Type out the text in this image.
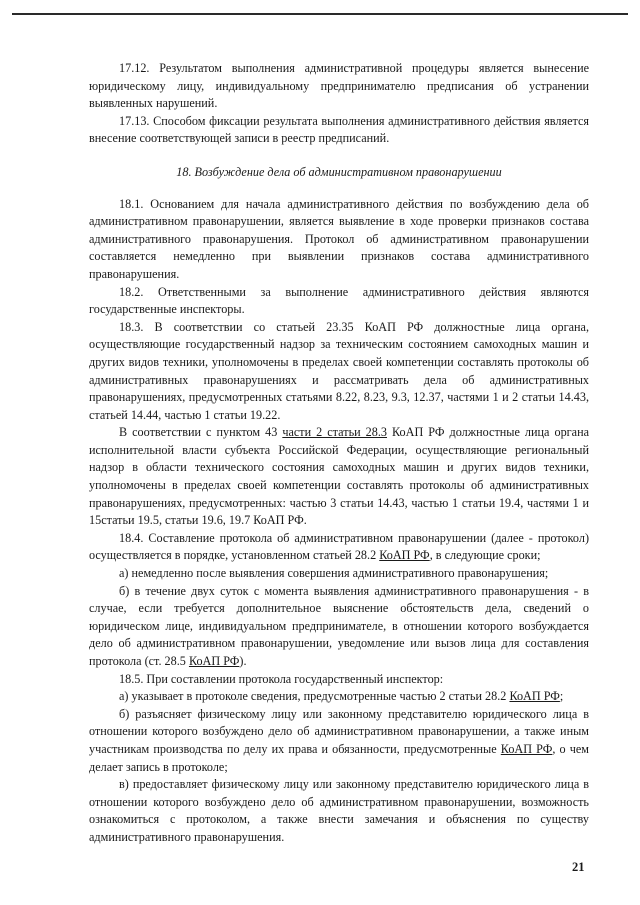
17.12. Результатом выполнения административной процедуры является вынесение юридическому лицу, индивидуальному предпринимателю предписания об устранении выявленных нарушений.

17.13. Способом фиксации результата выполнения административного действия является внесение соответствующей записи в реестр предписаний.

18. Возбуждение дела об административном правонарушении

18.1. Основанием для начала административного действия по возбуждению дела об административном правонарушении, является выявление в ходе проверки признаков состава административного правонарушения. Протокол об административном правонарушении составляется немедленно при выявлении признаков состава административного правонарушения.

18.2. Ответственными за выполнение административного действия являются государственные инспекторы.

18.3. В соответствии со статьей 23.35 КоАП РФ должностные лица органа, осуществляющие государственный надзор за техническим состоянием самоходных машин и других видов техники, уполномочены в пределах своей компетенции составлять протоколы об административных правонарушениях и рассматривать дела об административных правонарушениях, предусмотренных статьями 8.22, 8.23, 9.3, 12.37, частями 1 и 2 статьи 14.43, статьей 14.44, частью 1 статьи 19.22.

В соответствии с пунктом 43 части 2 статьи 28.3 КоАП РФ должностные лица органа исполнительной власти субъекта Российской Федерации, осуществляющие региональный надзор в области технического состояния самоходных машин и других видов техники, уполномочены в пределах своей компетенции составлять протоколы об административных правонарушениях, предусмотренных: частью 3 статьи 14.43, частью 1 статьи 19.4, частями 1 и 15статьи 19.5, статьи 19.6, 19.7 КоАП РФ.

18.4. Составление протокола об административном правонарушении (далее - протокол) осуществляется в порядке, установленном статьей 28.2 КоАП РФ, в следующие сроки;

а) немедленно после выявления совершения административного правонарушения;

б) в течение двух суток с момента выявления административного правонарушения - в случае, если требуется дополнительное выяснение обстоятельств дела, сведений о юридическом лице, индивидуальном предпринимателе, в отношении которого возбуждается дело об административном правонарушении, уведомление или вызов лица для составления протокола (ст. 28.5 КоАП РФ).

18.5. При составлении протокола государственный инспектор:

а) указывает в протоколе сведения, предусмотренные частью 2 статьи 28.2 КоАП РФ;

б) разъясняет физическому лицу или законному представителю юридического лица в отношении которого возбуждено дело об административном правонарушении, а также иным участникам производства по делу их права и обязанности, предусмотренные КоАП РФ, о чем делает запись в протоколе;

в) предоставляет физическому лицу или законному представителю юридического лица в отношении которого возбуждено дело об административном правонарушении, возможность ознакомиться с протоколом, а также внести замечания и объяснения по существу административного правонарушения.

21
